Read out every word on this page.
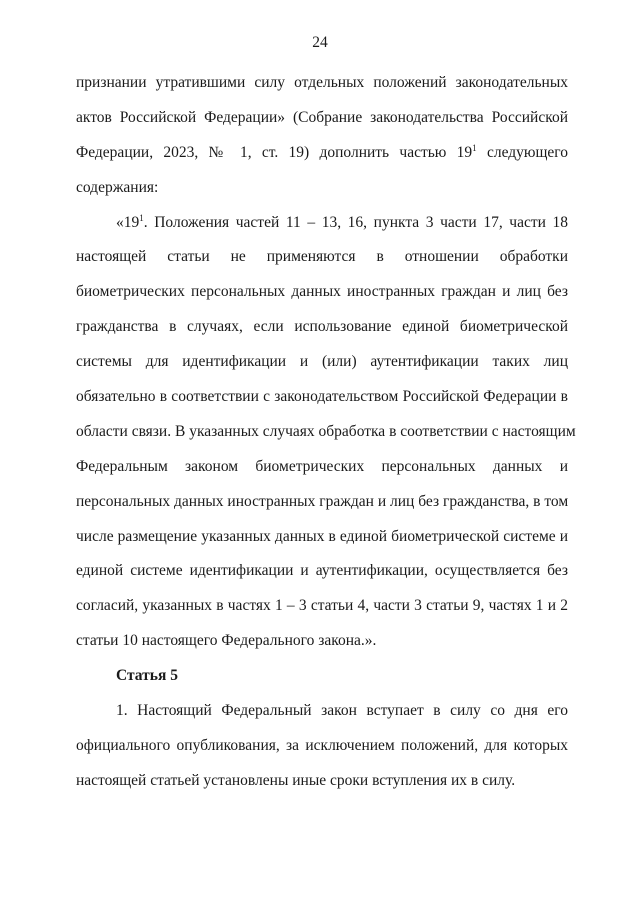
24
признании утратившими силу отдельных положений законодательных
актов Российской Федерации» (Собрание законодательства Российской
Федерации, 2023, № 1, ст. 19) дополнить частью $19^1$ следующего
содержания:
«$19^1$. Положения частей 11 – 13, 16, пункта 3 части 17, части 18
настоящей статьи не применяются в отношении обработки
биометрических персональных данных иностранных граждан и лиц без
гражданства в случаях, если использование единой биометрической
системы для идентификации и (или) аутентификации таких лиц
обязательно в соответствии с законодательством Российской Федерации в
области связи. В указанных случаях обработка в соответствии с настоящим
Федеральным законом биометрических персональных данных и
персональных данных иностранных граждан и лиц без гражданства, в том
числе размещение указанных данных в единой биометрической системе и
единой системе идентификации и аутентификации, осуществляется без
согласий, указанных в частях 1 – 3 статьи 4, части 3 статьи 9, частях 1 и 2
статьи 10 настоящего Федерального закона.».
Статья 5
1. Настоящий Федеральный закон вступает в силу со дня его
официального опубликования, за исключением положений, для которых
настоящей статьей установлены иные сроки вступления их в силу.
